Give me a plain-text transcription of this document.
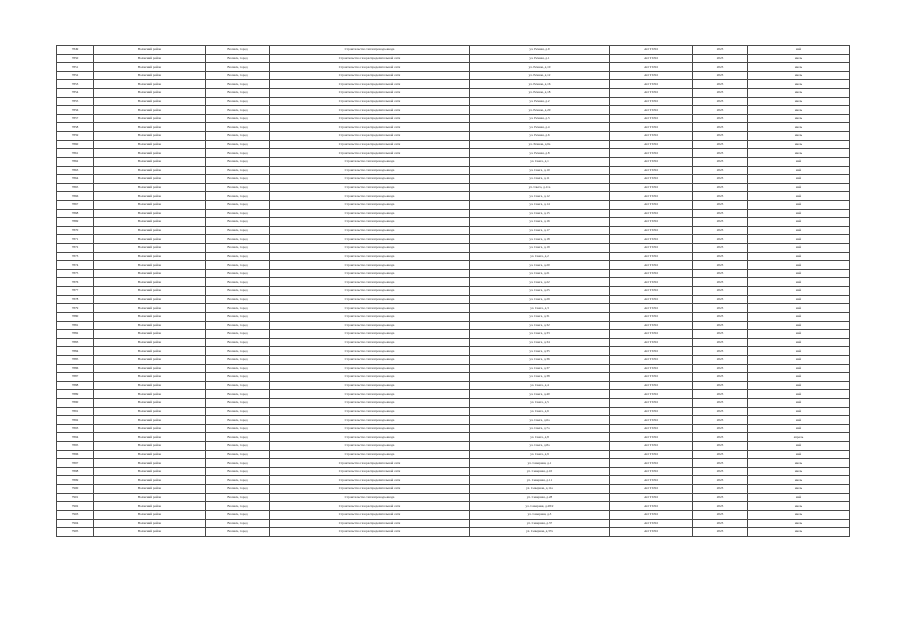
7849	Волжский район	Волжск, город	Строительство теплопровода-ввода	ул. Речная, д.9	АО ТГЛО	2023	май
7850	Волжский район	Волжск, город	Строительство газораспределительной сети	ул. Речная, д.1	АО ТГЛО	2023	июль
7851	Волжский район	Волжск, город	Строительство газораспределительной сети	ул. Речная, д.10	АО ТГЛО	2023	июль
7852	Волжский район	Волжск, город	Строительство газораспределительной сети	ул. Речная, д.12	АО ТГЛО	2023	июль
7853	Волжский район	Волжск, город	Строительство газораспределительной сети	ул. Речная, д.16	АО ТГЛО	2023	июль
7854	Волжский район	Волжск, город	Строительство газораспределительной сети	ул. Речная, д.18	АО ТГЛО	2023	июль
7855	Волжский район	Волжск, город	Строительство газораспределительной сети	ул. Речная, д.2	АО ТГЛО	2023	июль
7856	Волжский район	Волжск, город	Строительство газораспределительной сети	ул. Речная, д.20	АО ТГЛО	2023	июль
7857	Волжский район	Волжск, город	Строительство газораспределительной сети	ул. Речная, д.3	АО ТГЛО	2023	июль
7858	Волжский район	Волжск, город	Строительство газораспределительной сети	ул. Речная, д.4	АО ТГЛО	2023	июль
7859	Волжский район	Волжск, город	Строительство газораспределительной сети	ул. Речная, д.6	АО ТГЛО	2023	июль
7860	Волжский район	Волжск, город	Строительство газораспределительной сети	ул. Речная, д.6а	АО ТГЛО	2023	июль
7861	Волжский район	Волжск, город	Строительство газораспределительной сети	ул. Речная, д.8	АО ТГЛО	2023	июль
7862	Волжский район	Волжск, город	Строительство теплопровода-ввода	ул. Свега, д.1	АО ТГЛО	2023	май
7863	Волжский район	Волжск, город	Строительство теплопровода-ввода	ул. Свега, д.10	АО ТГЛО	2023	май
7864	Волжский район	Волжск, город	Строительство теплопровода-ввода	ул. Свега, д.11	АО ТГЛО	2023	май
7865	Волжский район	Волжск, город	Строительство теплопровода-ввода	ул. Свега, д.11а	АО ТГЛО	2023	май
7866	Волжский район	Волжск, город	Строительство теплопровода-ввода	ул. Свега, д.12	АО ТГЛО	2023	май
7867	Волжский район	Волжск, город	Строительство теплопровода-ввода	ул. Свега, д.14	АО ТГЛО	2023	май
7868	Волжский район	Волжск, город	Строительство теплопровода-ввода	ул. Свега, д.15	АО ТГЛО	2023	май
7869	Волжский район	Волжск, город	Строительство теплопровода-ввода	ул. Свега, д.16	АО ТГЛО	2023	май
7870	Волжский район	Волжск, город	Строительство теплопровода-ввода	ул. Свега, д.17	АО ТГЛО	2023	май
7871	Волжский район	Волжск, город	Строительство теплопровода-ввода	ул. Свега, д.18	АО ТГЛО	2023	май
7872	Волжский район	Волжск, город	Строительство теплопровода-ввода	ул. Свега, д.19	АО ТГЛО	2023	май
7873	Волжский район	Волжск, город	Строительство теплопровода-ввода	ул. Свега, д.2	АО ТГЛО	2023	май
7874	Волжский район	Волжск, город	Строительство теплопровода-ввода	ул. Свега, д.20	АО ТГЛО	2023	май
7875	Волжский район	Волжск, город	Строительство теплопровода-ввода	ул. Свега, д.21	АО ТГЛО	2023	май
7876	Волжский район	Волжск, город	Строительство теплопровода-ввода	ул. Свега, д.22	АО ТГЛО	2023	май
7877	Волжский район	Волжск, город	Строительство теплопровода-ввода	ул. Свега, д.25	АО ТГЛО	2023	май
7878	Волжский район	Волжск, город	Строительство теплопровода-ввода	ул. Свега, д.29	АО ТГЛО	2023	май
7879	Волжский район	Волжск, город	Строительство теплопровода-ввода	ул. Свега, д.3	АО ТГЛО	2023	май
7880	Волжский район	Волжск, город	Строительство теплопровода-ввода	ул. Свега, д.31	АО ТГЛО	2023	май
7881	Волжский район	Волжск, город	Строительство теплопровода-ввода	ул. Свега, д.32	АО ТГЛО	2023	май
7882	Волжский район	Волжск, город	Строительство теплопровода-ввода	ул. Свега, д.33	АО ТГЛО	2023	май
7883	Волжский район	Волжск, город	Строительство теплопровода-ввода	ул. Свега, д.34	АО ТГЛО	2023	май
7884	Волжский район	Волжск, город	Строительство теплопровода-ввода	ул. Свега, д.35	АО ТГЛО	2023	май
7885	Волжский район	Волжск, город	Строительство теплопровода-ввода	ул. Свега, д.36	АО ТГЛО	2023	май
7886	Волжский район	Волжск, город	Строительство теплопровода-ввода	ул. Свега, д.37	АО ТГЛО	2023	май
7887	Волжский район	Волжск, город	Строительство теплопровода-ввода	ул. Свега, д.38	АО ТГЛО	2023	май
7888	Волжский район	Волжск, город	Строительство теплопровода-ввода	ул. Свега, д.4	АО ТГЛО	2023	май
7889	Волжский район	Волжск, город	Строительство теплопровода-ввода	ул. Свега, д.40	АО ТГЛО	2023	май
7890	Волжский район	Волжск, город	Строительство теплопровода-ввода	ул. Свега, д.5	АО ТГЛО	2023	май
7891	Волжский район	Волжск, город	Строительство теплопровода-ввода	ул. Свега, д.6	АО ТГЛО	2023	май
7892	Волжский район	Волжск, город	Строительство теплопровода-ввода	ул. Свега, д.6а	АО ТГЛО	2023	май
7893	Волжский район	Волжск, город	Строительство теплопровода-ввода	ул. Свега, д.7а	АО ТГЛО	2023	май
7894	Волжский район	Волжск, город	Строительство теплопровода-ввода	ул. Свега, д.8	АО ТГЛО	2023	апрель
7895	Волжский район	Волжск, город	Строительство теплопровода-ввода	ул. Свега, д.8а	АО ТГЛО	2023	май
7896	Волжский район	Волжск, город	Строительство теплопровода-ввода	ул. Свега, д.9	АО ТГЛО	2023	май
7897	Волжский район	Волжск, город	Строительство газораспределительной сети	ул. Северная, д.1	АО ТГЛО	2023	июль
7898	Волжский район	Волжск, город	Строительство газораспределительной сети	ул. Северная, д.10	АО ТГЛО	2023	июль
7899	Волжский район	Волжск, город	Строительство газораспределительной сети	ул. Северная, д.11	АО ТГЛО	2023	июль
7900	Волжский район	Волжск, город	Строительство газораспределительной сети	ул. Северная, д.11а	АО ТГЛО	2023	июль
7901	Волжский район	Волжск, город	Строительство теплопровода-ввода	ул. Северная, д.28	АО ТГЛО	2023	май
7902	Волжский район	Волжск, город	Строительство газораспределительной сети	ул. Северная, д.28/2	АО ТГЛО	2023	июль
7903	Волжский район	Волжск, город	Строительство газораспределительной сети	ул. Северная, д.3	АО ТГЛО	2023	июль
7904	Волжский район	Волжск, город	Строительство газораспределительной сети	ул. Северная, д.37	АО ТГЛО	2023	июль
7905	Волжский район	Волжск, город	Строительство газораспределительной сети	ул. Северная, д.37а	АО ТГЛО	2023	июль
